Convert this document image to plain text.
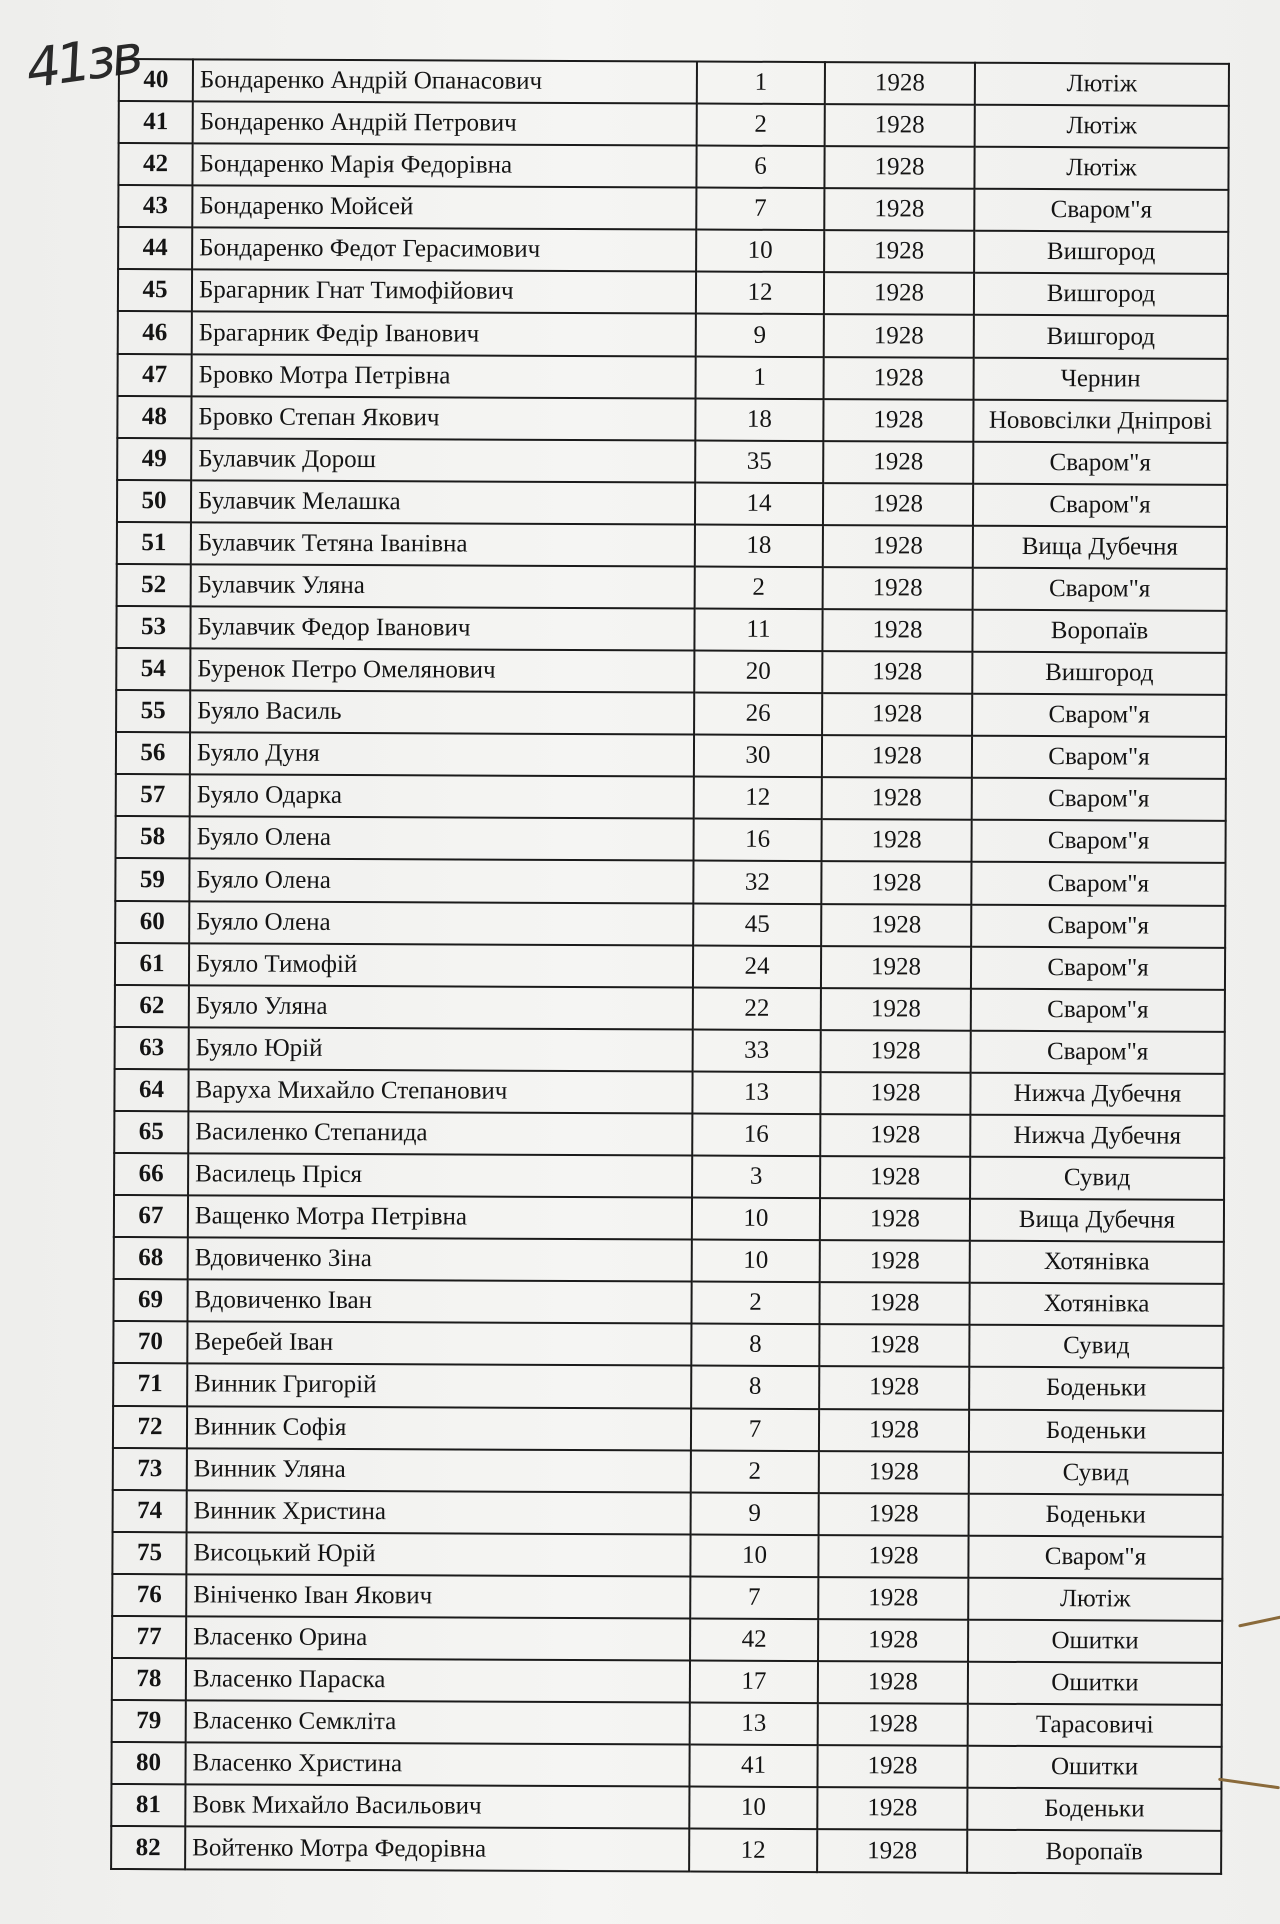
41зв 40	Бондаренко Андрій Опанасович	1	1928	Лютіж
41	Бондаренко Андрій Петрович	2	1928	Лютіж
42	Бондаренко Марія Федорівна	6	1928	Лютіж
43	Бондаренко Мойсей	7	1928	Сваром"я
44	Бондаренко Федот Герасимович	10	1928	Вишгород
45	Брагарник Гнат Тимофійович	12	1928	Вишгород
46	Брагарник Федір Іванович	9	1928	Вишгород
47	Бровко Мотра Петрівна	1	1928	Чернин
48	Бровко Степан Якович	18	1928	Нововсілки Дніпрові
49	Булавчик Дорош	35	1928	Сваром"я
50	Булавчик Мелашка	14	1928	Сваром"я
51	Булавчик Тетяна Іванівна	18	1928	Вища Дубечня
52	Булавчик Уляна	2	1928	Сваром"я
53	Булавчик Федор Іванович	11	1928	Воропаїв
54	Буренок Петро Омелянович	20	1928	Вишгород
55	Буяло Василь	26	1928	Сваром"я
56	Буяло Дуня	30	1928	Сваром"я
57	Буяло Одарка	12	1928	Сваром"я
58	Буяло Олена	16	1928	Сваром"я
59	Буяло Олена	32	1928	Сваром"я
60	Буяло Олена	45	1928	Сваром"я
61	Буяло Тимофій	24	1928	Сваром"я
62	Буяло Уляна	22	1928	Сваром"я
63	Буяло Юрій	33	1928	Сваром"я
64	Варуха Михайло Степанович	13	1928	Нижча Дубечня
65	Василенко Степанида	16	1928	Нижча Дубечня
66	Василець Пріся	3	1928	Сувид
67	Ващенко Мотра Петрівна	10	1928	Вища Дубечня
68	Вдовиченко Зіна	10	1928	Хотянівка
69	Вдовиченко Іван	2	1928	Хотянівка
70	Веребей Іван	8	1928	Сувид
71	Винник Григорій	8	1928	Боденьки
72	Винник Софія	7	1928	Боденьки
73	Винник Уляна	2	1928	Сувид
74	Винник Христина	9	1928	Боденьки
75	Висоцький Юрій	10	1928	Сваром"я
76	Вініченко Іван Якович	7	1928	Лютіж
77	Власенко Орина	42	1928	Ошитки
78	Власенко Параска	17	1928	Ошитки
79	Власенко Семкліта	13	1928	Тарасовичі
80	Власенко Христина	41	1928	Ошитки
81	Вовк Михайло Васильович	10	1928	Боденьки
82	Войтенко Мотра Федорівна	12	1928	Воропаїв
